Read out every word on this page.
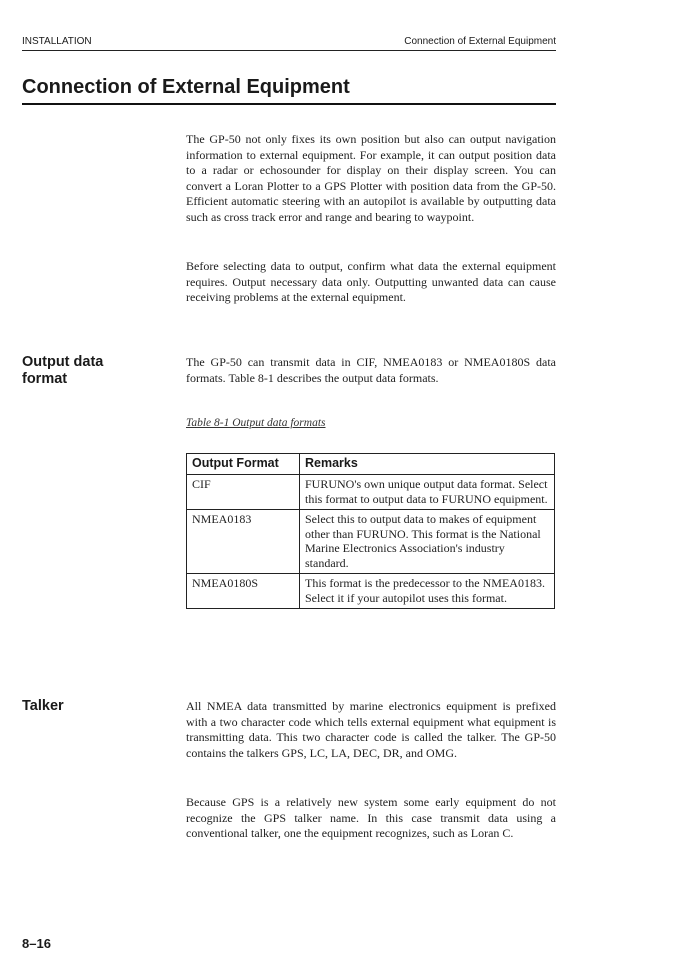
INSTALLATION	Connection of External Equipment
Connection of External Equipment

The GP-50 not only fixes its own position but also can output navigation information to external equipment. For example, it can output position data to a radar or echosounder for display on their display screen. You can convert a Loran Plotter to a GPS Plotter with position data from the GP-50. Efficient automatic steering with an autopilot is available by outputting data such as cross track error and range and bearing to waypoint.

Before selecting data to output, confirm what data the external equipment requires. Output necessary data only. Outputting unwanted data can cause receiving problems at the external equipment.

Output data
format

The GP-50 can transmit data in CIF, NMEA0183 or NMEA0180S data formats. Table 8-1 describes the output data formats.

Table 8-1 Output data formats
Output Format	Remarks
CIF	FURUNO's own unique output data format. Select this format to output data to FURUNO equipment.
NMEA0183	Select this to output data to makes of equipment other than FURUNO. This format is the National Marine Electronics Association's industry standard.
NMEA0180S	This format is the predecessor to the NMEA0183. Select it if your autopilot uses this format.
Talker	All NMEA data transmitted by marine electronics equipment is prefixed with a two character code which tells external equipment what equipment is transmitting data. This two character code is called the talker. The GP-50 contains the talkers GPS, LC, LA, DEC, DR, and OMG.

Because GPS is a relatively new system some early equipment do not recognize the GPS talker name. In this case transmit data using a conventional talker, one the equipment recognizes, such as Loran C.

8–16
